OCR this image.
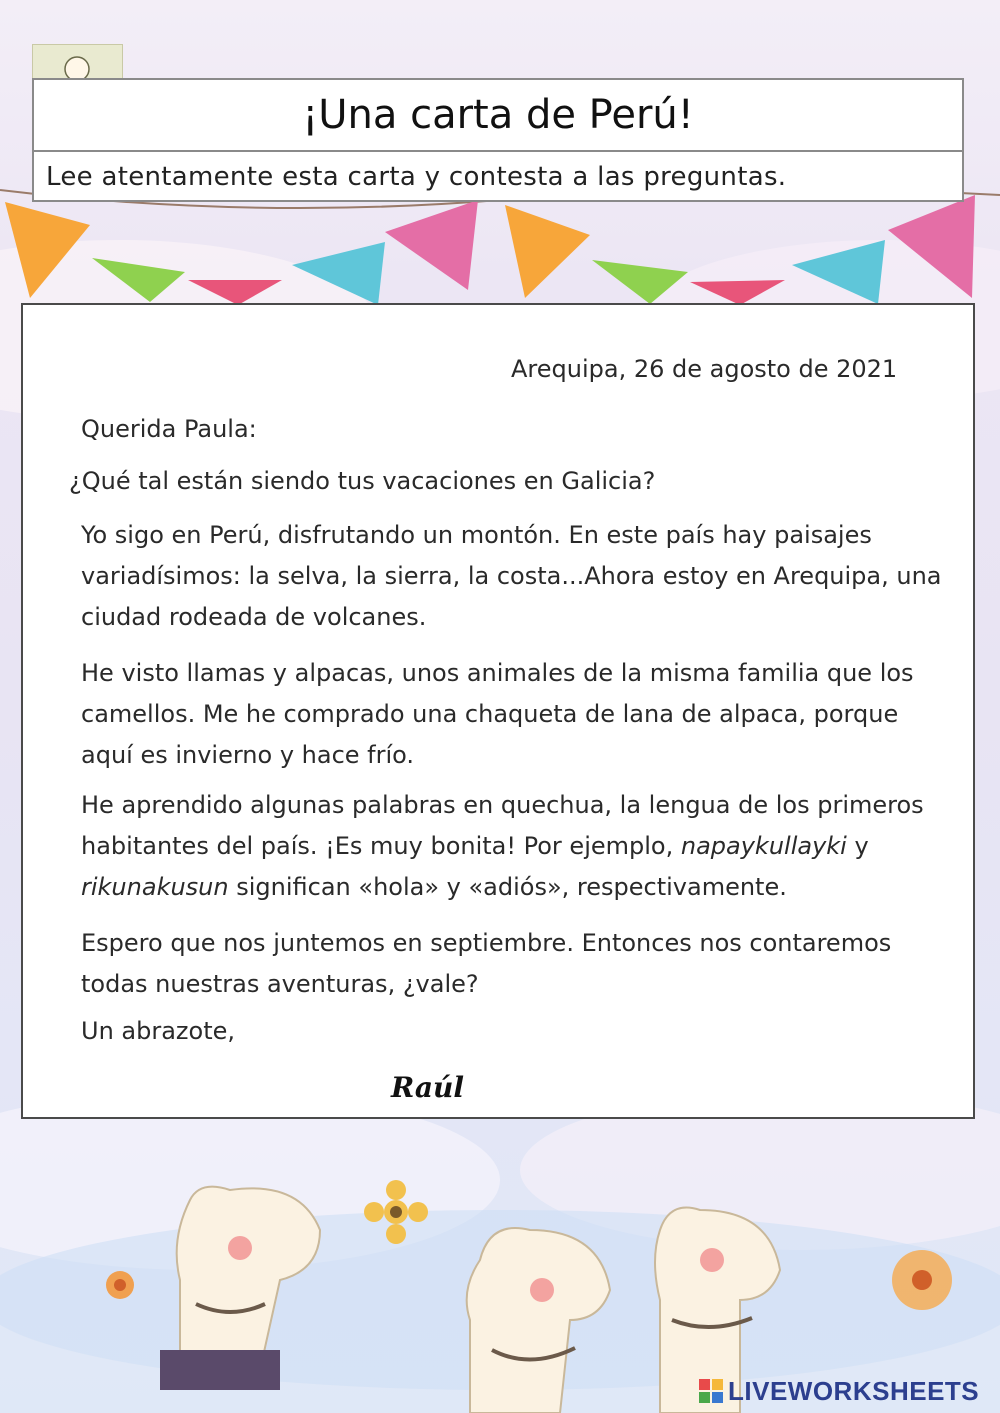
¡Una carta de Perú!
Lee atentamente esta carta y contesta a las preguntas.
Arequipa, 26 de agosto de 2021
Querida Paula:
¿Qué tal están siendo tus vacaciones en Galicia?
Yo sigo en Perú, disfrutando un montón. En este país hay paisajes variadísimos: la selva, la sierra, la costa...Ahora estoy en Arequipa, una ciudad rodeada de volcanes.
He visto llamas y alpacas, unos animales de la misma familia que los camellos. Me he comprado una chaqueta de lana de alpaca, porque aquí es invierno y hace frío.
He aprendido algunas palabras en quechua, la lengua de los primeros habitantes del país. ¡Es muy bonita! Por ejemplo, napaykullayki y rikunakusun significan «hola» y «adiós», respectivamente.
Espero que nos juntemos en septiembre. Entonces nos contaremos todas nuestras aventuras, ¿vale?
Un abrazote,
Raúl
LIVEWORKSHEETS
